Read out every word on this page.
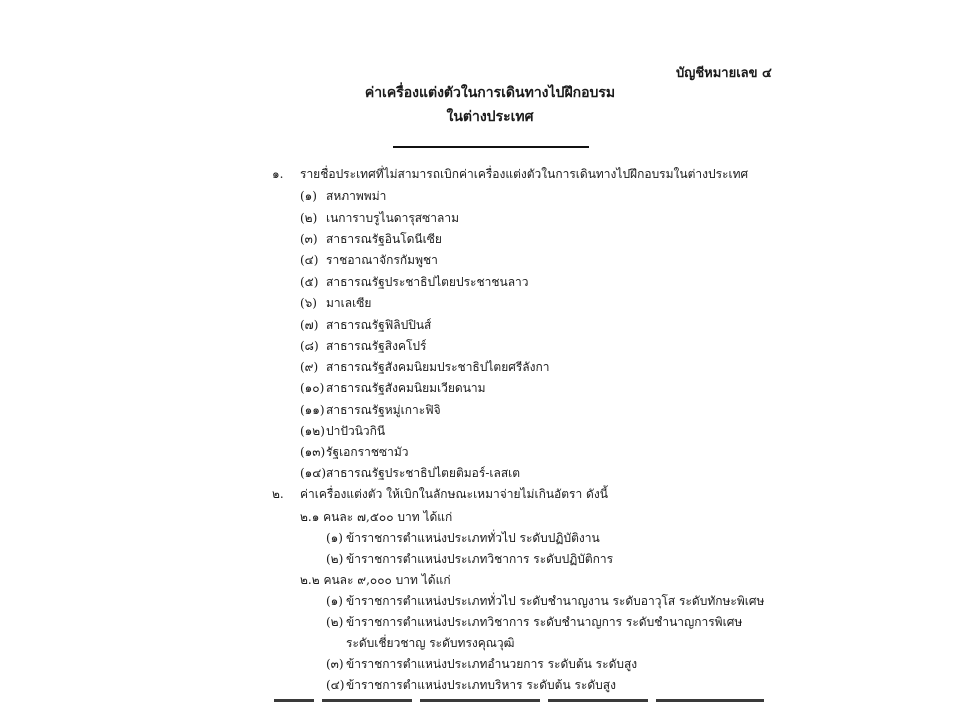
บัญชีหมายเลข ๔
ค่าเครื่องแต่งตัวในการเดินทางไปฝึกอบรม
ในต่างประเทศ
๑. รายชื่อประเทศที่ไม่สามารถเบิกค่าเครื่องแต่งตัวในการเดินทางไปฝึกอบรมในต่างประเทศ
(๑) สหภาพพม่า
(๒) เนการาบรูไนดารุสซาลาม
(๓) สาธารณรัฐอินโดนีเซีย
(๔) ราชอาณาจักรกัมพูชา
(๕) สาธารณรัฐประชาธิปไตยประชาชนลาว
(๖) มาเลเซีย
(๗) สาธารณรัฐฟิลิปปินส์
(๘) สาธารณรัฐสิงคโปร์
(๙) สาธารณรัฐสังคมนิยมประชาธิปไตยศรีลังกา
(๑๐) สาธารณรัฐสังคมนิยมเวียดนาม
(๑๑)สาธารณรัฐหมู่เกาะฟิจิ
(๑๒)ปาปัวนิวกินี
(๑๓)รัฐเอกราชซามัว
(๑๔)สาธารณรัฐประชาธิปไตยติมอร์-เลสเต
๒. ค่าเครื่องแต่งตัว ให้เบิกในลักษณะเหมาจ่ายไม่เกินอัตรา ดังนี้
๒.๑ คนละ ๗,๕๐๐ บาท ได้แก่
(๑) ข้าราชการตำแหน่งประเภททั่วไป ระดับปฏิบัติงาน
(๒) ข้าราชการตำแหน่งประเภทวิชาการ ระดับปฏิบัติการ
๒.๒ คนละ ๙,๐๐๐ บาท ได้แก่
(๑) ข้าราชการตำแหน่งประเภททั่วไป ระดับชำนาญงาน ระดับอาวุโส ระดับทักษะพิเศษ
(๒) ข้าราชการตำแหน่งประเภทวิชาการ ระดับชำนาญการ ระดับชำนาญการพิเศษ
ระดับเชี่ยวชาญ ระดับทรงคุณวุฒิ
(๓) ข้าราชการตำแหน่งประเภทอำนวยการ ระดับต้น ระดับสูง
(๔) ข้าราชการตำแหน่งประเภทบริหาร ระดับต้น ระดับสูง
